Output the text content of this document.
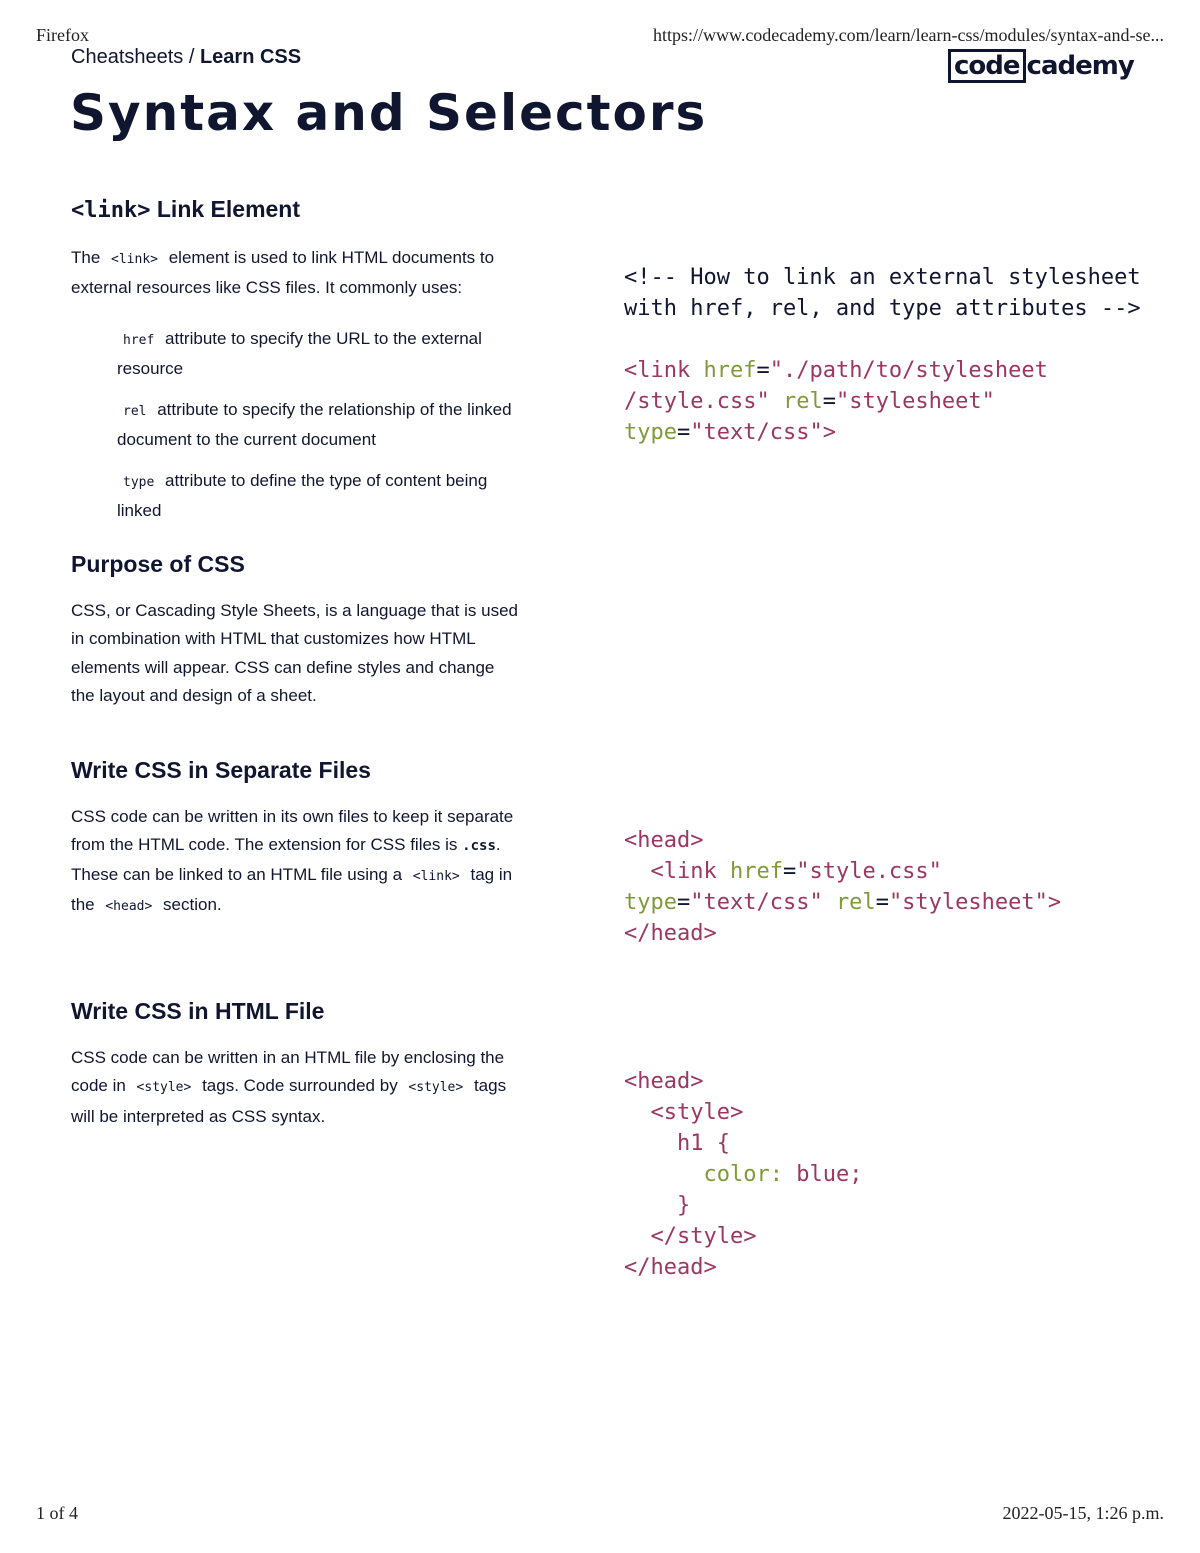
Firefox	https://www.codecademy.com/learn/learn-css/modules/syntax-and-se...
Cheatsheets / Learn CSS	code cademy
Syntax and Selectors
<link> Link Element

The <link> element is used to link HTML documents to external resources like CSS files. It commonly uses:

href attribute to specify the URL to the external resource
rel attribute to specify the relationship of the linked document to the current document
type attribute to define the type of content being linked
<!-- How to link an external stylesheet
with href, rel, and type attributes -->

<link href="./path/to/stylesheet
/style.css" rel="stylesheet"
type="text/css">
Purpose of CSS

CSS, or Cascading Style Sheets, is a language that is used in combination with HTML that customizes how HTML elements will appear. CSS can define styles and change the layout and design of a sheet.

Write CSS in Separate Files

CSS code can be written in its own files to keep it separate from the HTML code. The extension for CSS files is .css. These can be linked to an HTML file using a <link> tag in the <head> section.

<head>
<link href="style.css"
type="text/css" rel="stylesheet">
</head>
Write CSS in HTML File

CSS code can be written in an HTML file by enclosing the code in <style> tags. Code surrounded by <style> tags will be interpreted as CSS syntax.

<head>
<style>
h1 {
color: blue;
}
</style>
</head>
1 of 4	2022-05-15, 1:26 p.m.
